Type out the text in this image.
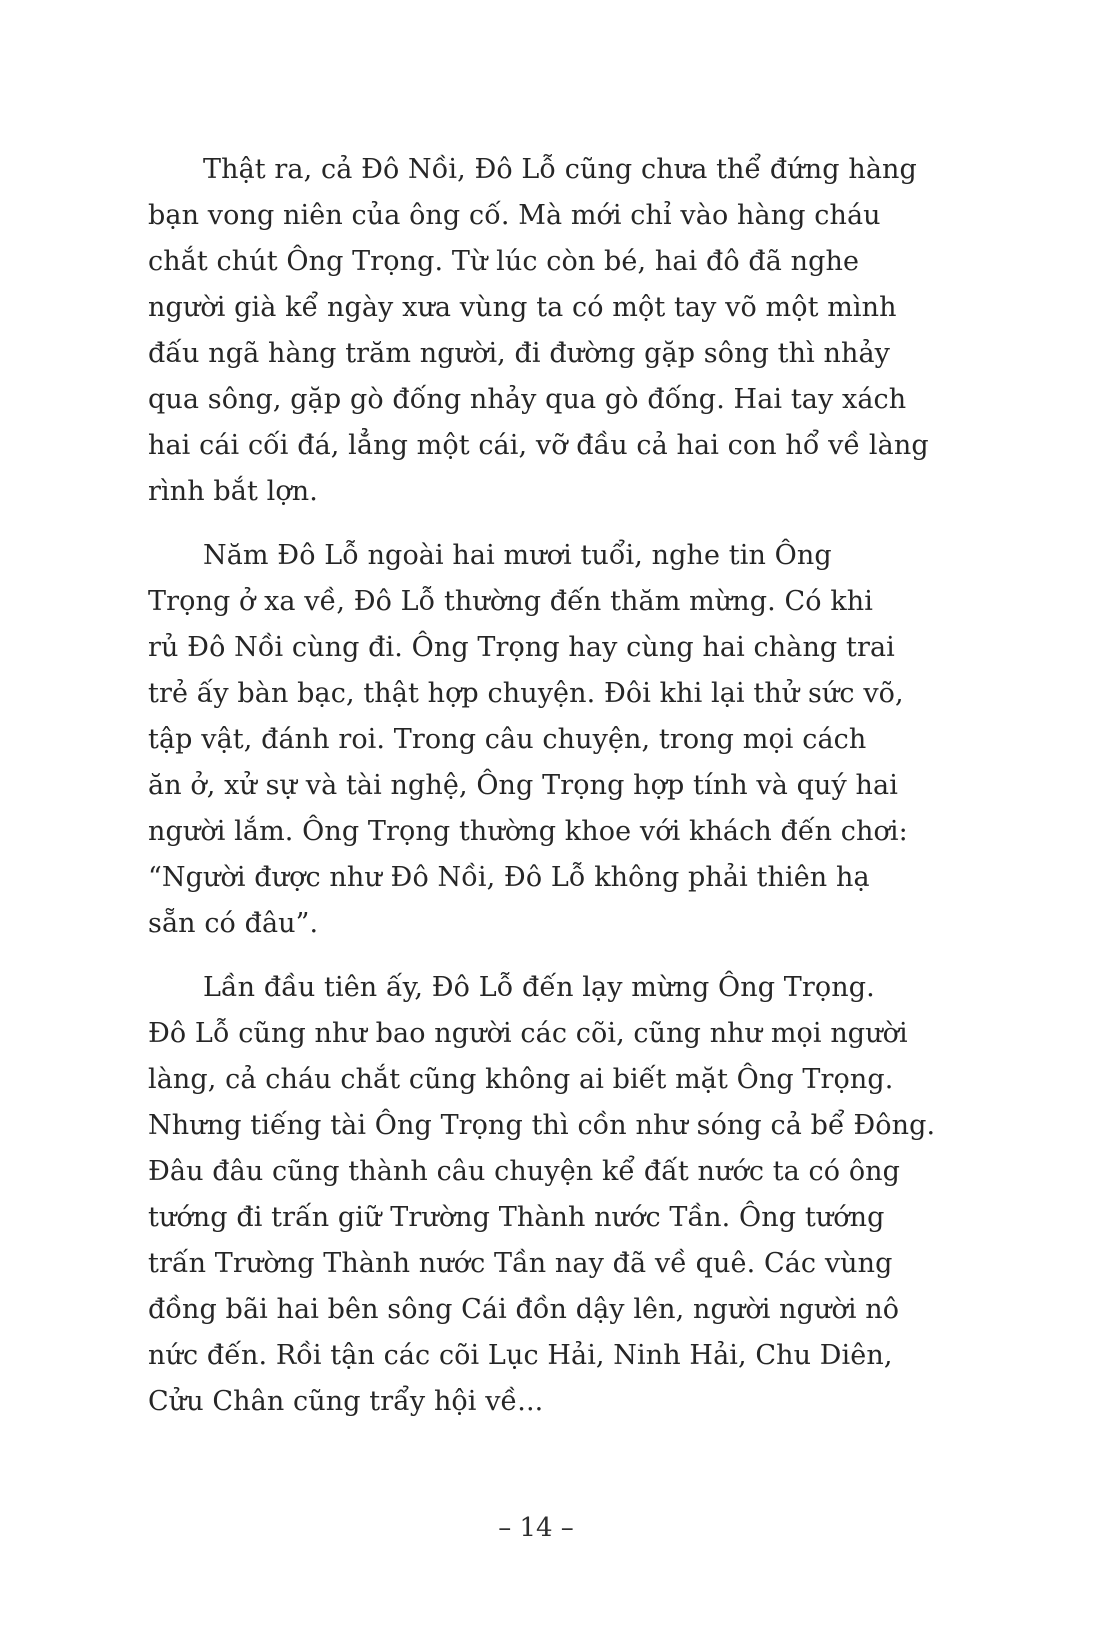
Thật ra, cả Đô Nồi, Đô Lỗ cũng chưa thể đứng hàng
bạn vong niên của ông cố. Mà mới chỉ vào hàng cháu
chắt chút Ông Trọng. Từ lúc còn bé, hai đô đã nghe
người già kể ngày xưa vùng ta có một tay võ một mình
đấu ngã hàng trăm người, đi đường gặp sông thì nhảy
qua sông, gặp gò đống nhảy qua gò đống. Hai tay xách
hai cái cối đá, lẳng một cái, vỡ đầu cả hai con hổ về làng
rình bắt lợn.
Năm Đô Lỗ ngoài hai mươi tuổi, nghe tin Ông
Trọng ở xa về, Đô Lỗ thường đến thăm mừng. Có khi
rủ Đô Nồi cùng đi. Ông Trọng hay cùng hai chàng trai
trẻ ấy bàn bạc, thật hợp chuyện. Đôi khi lại thử sức võ,
tập vật, đánh roi. Trong câu chuyện, trong mọi cách
ăn ở, xử sự và tài nghệ, Ông Trọng hợp tính và quý hai
người lắm. Ông Trọng thường khoe với khách đến chơi:
“Người được như Đô Nồi, Đô Lỗ không phải thiên hạ
sẵn có đâu”.
Lần đầu tiên ấy, Đô Lỗ đến lạy mừng Ông Trọng.
Đô Lỗ cũng như bao người các cõi, cũng như mọi người
làng, cả cháu chắt cũng không ai biết mặt Ông Trọng.
Nhưng tiếng tài Ông Trọng thì cồn như sóng cả bể Đông.
Đâu đâu cũng thành câu chuyện kể đất nước ta có ông
tướng đi trấn giữ Trường Thành nước Tần. Ông tướng
trấn Trường Thành nước Tần nay đã về quê. Các vùng
đồng bãi hai bên sông Cái đồn dậy lên, người người nô
nức đến. Rồi tận các cõi Lục Hải, Ninh Hải, Chu Diên,
Cửu Chân cũng trẩy hội về...
– 14 –
